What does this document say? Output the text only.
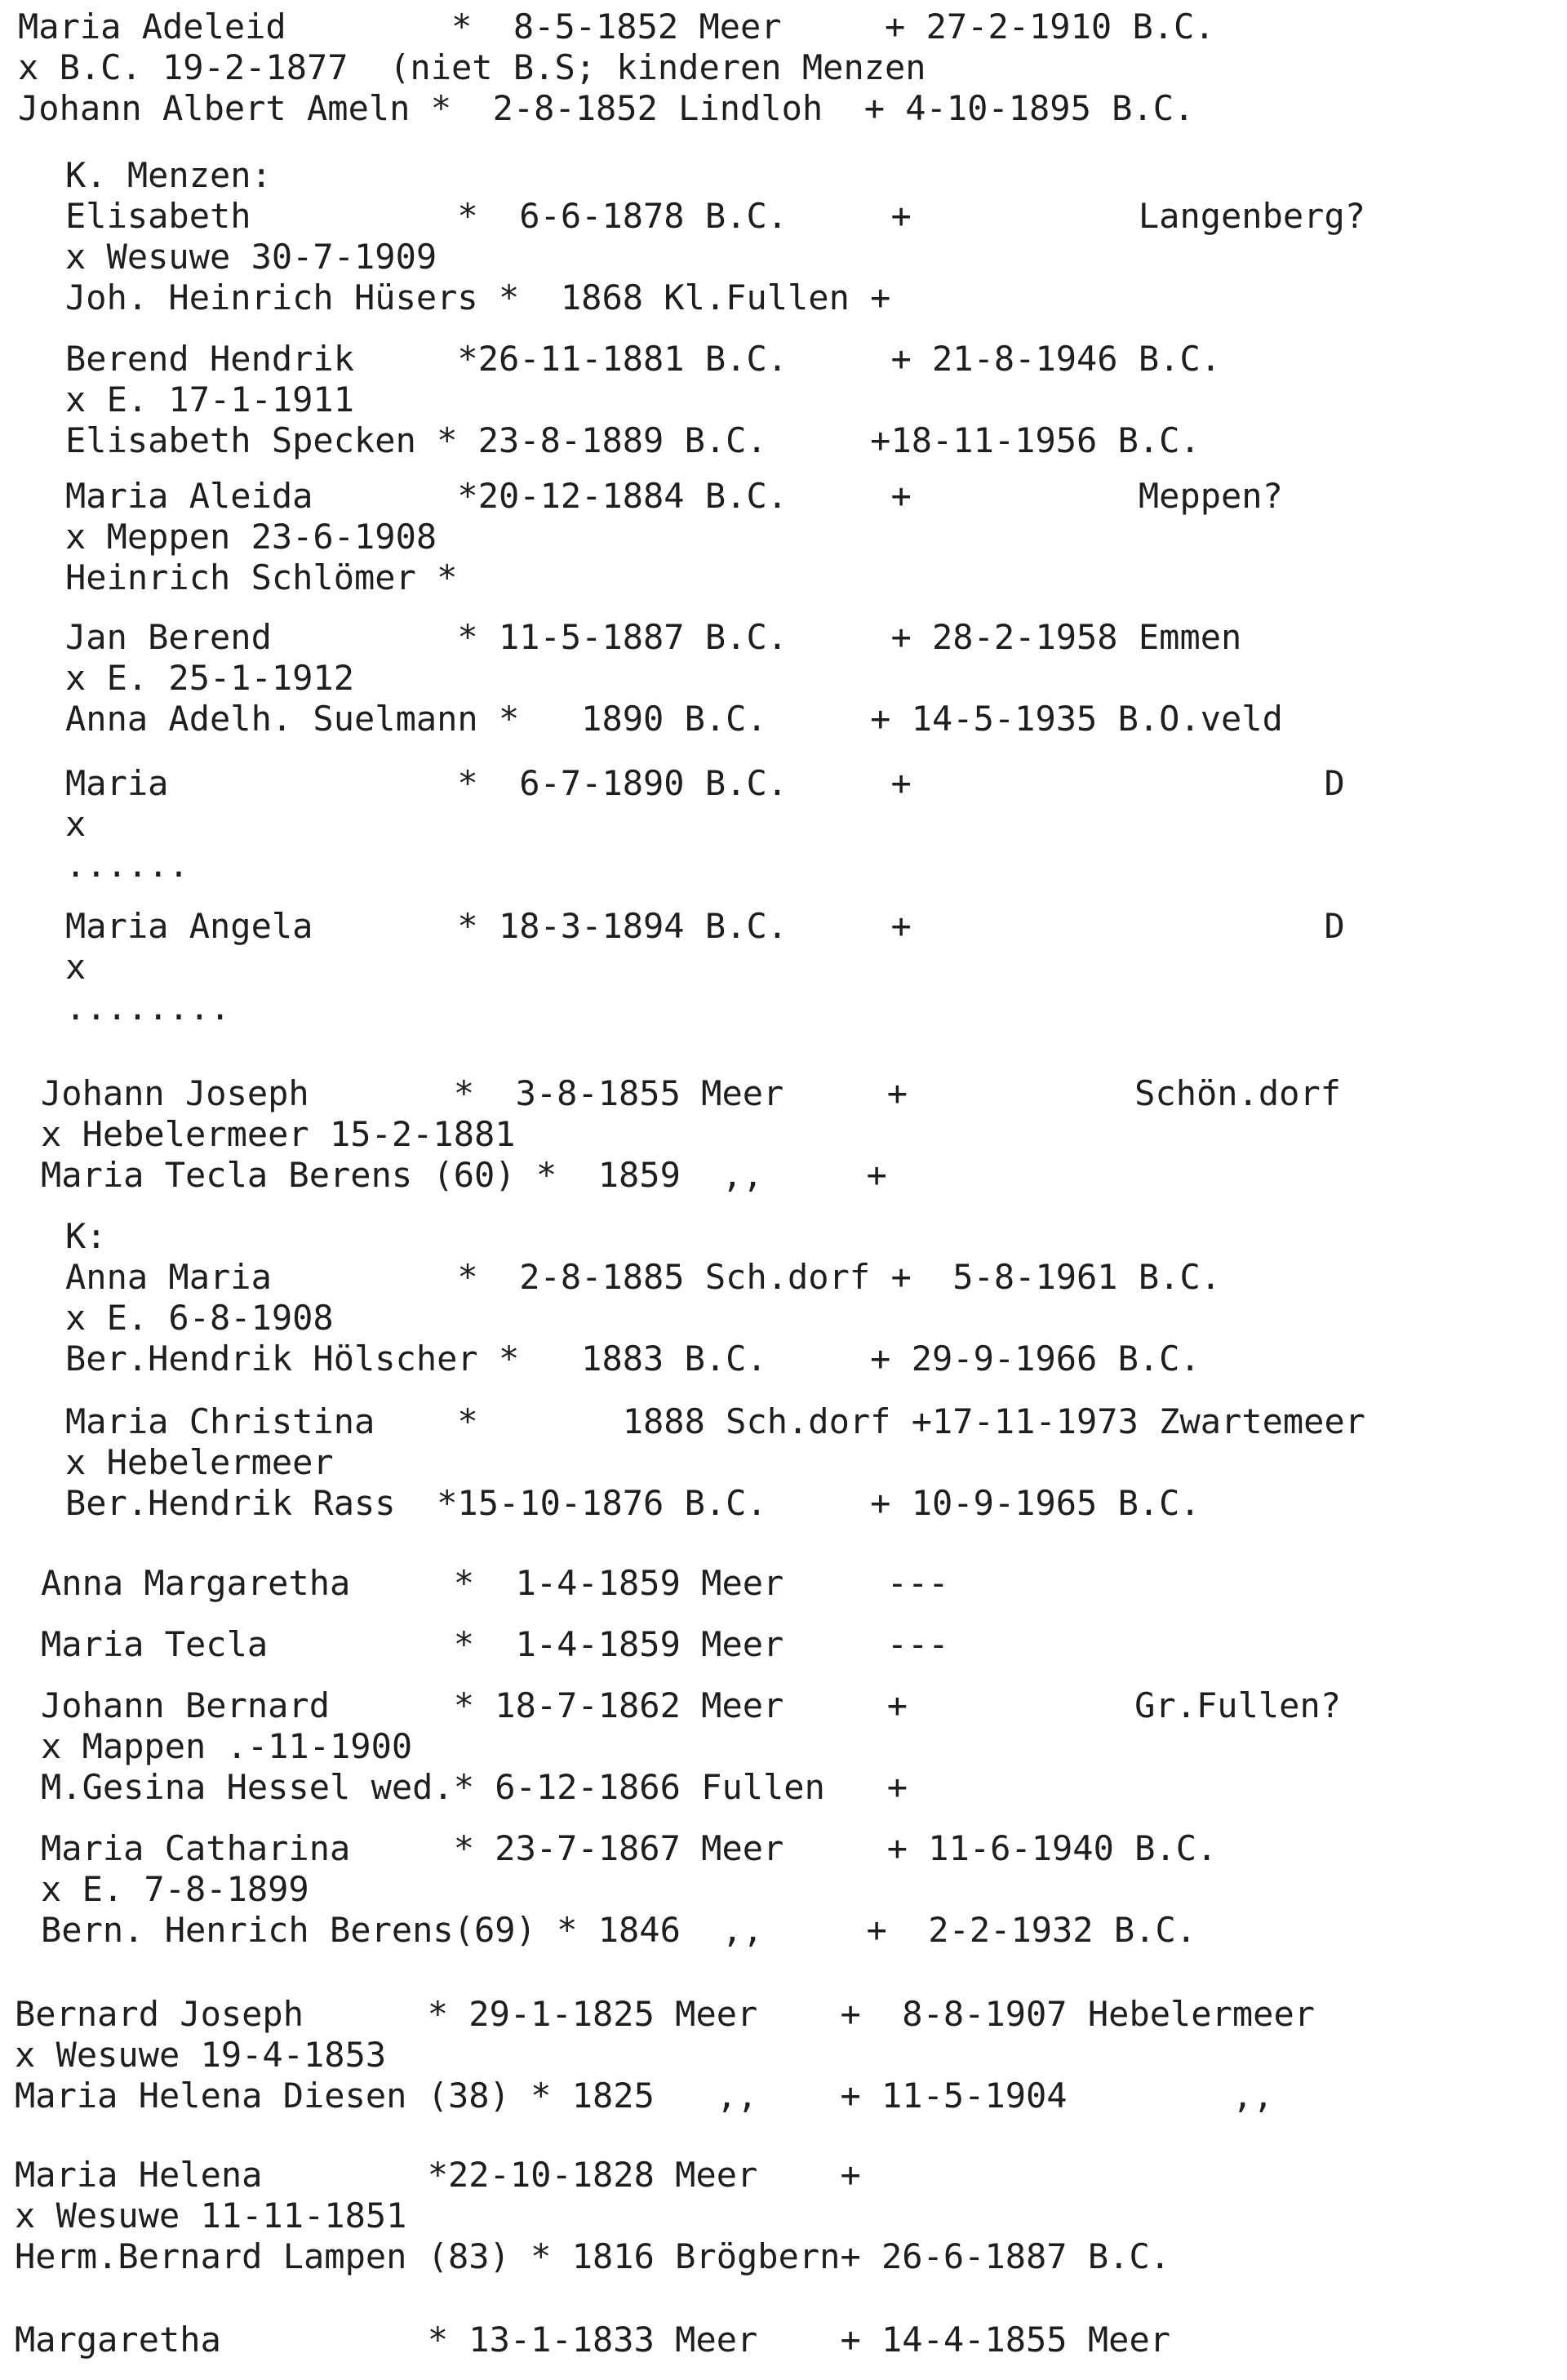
Maria Adeleid        *  8-5-1852 Meer     + 27-2-1910 B.C.
x B.C. 19-2-1877  (niet B.S; kinderen Menzen
Johann Albert Ameln *  2-8-1852 Lindloh  + 4-10-1895 B.C.
K. Menzen:
Elisabeth          *  6-6-1878 B.C.     +           Langenberg?
x Wesuwe 30-7-1909
Joh. Heinrich Hüsers *  1868 Kl.Fullen +
Berend Hendrik     *26-11-1881 B.C.     + 21-8-1946 B.C.
x E. 17-1-1911
Elisabeth Specken * 23-8-1889 B.C.     +18-11-1956 B.C.
Maria Aleida       *20-12-1884 B.C.     +           Meppen?
x Meppen 23-6-1908
Heinrich Schlömer *
Jan Berend         * 11-5-1887 B.C.     + 28-2-1958 Emmen
x E. 25-1-1912
Anna Adelh. Suelmann *   1890 B.C.     + 14-5-1935 B.O.veld
Maria              *  6-7-1890 B.C.     +                    D
x
......
Maria Angela       * 18-3-1894 B.C.     +                    D
x
........
Johann Joseph       *  3-8-1855 Meer     +           Schön.dorf
x Hebelermeer 15-2-1881
Maria Tecla Berens (60) *  1859  ,,     +
K:
Anna Maria         *  2-8-1885 Sch.dorf +  5-8-1961 B.C.
x E. 6-8-1908
Ber.Hendrik Hölscher *   1883 B.C.     + 29-9-1966 B.C.
Maria Christina    *       1888 Sch.dorf +17-11-1973 Zwartemeer
x Hebelermeer
Ber.Hendrik Rass  *15-10-1876 B.C.     + 10-9-1965 B.C.
Anna Margaretha     *  1-4-1859 Meer     ---
Maria Tecla         *  1-4-1859 Meer     ---
Johann Bernard      * 18-7-1862 Meer     +           Gr.Fullen?
x Mappen .-11-1900
M.Gesina Hessel wed.* 6-12-1866 Fullen   +
Maria Catharina     * 23-7-1867 Meer     + 11-6-1940 B.C.
x E. 7-8-1899
Bern. Henrich Berens(69) * 1846  ,,     +  2-2-1932 B.C.
Bernard Joseph      * 29-1-1825 Meer    +  8-8-1907 Hebelermeer
x Wesuwe 19-4-1853
Maria Helena Diesen (38) * 1825   ,,    + 11-5-1904        ,,
Maria Helena        *22-10-1828 Meer    +
x Wesuwe 11-11-1851
Herm.Bernard Lampen (83) * 1816 Brögbern+ 26-6-1887 B.C.
Margaretha          * 13-1-1833 Meer    + 14-4-1855 Meer
